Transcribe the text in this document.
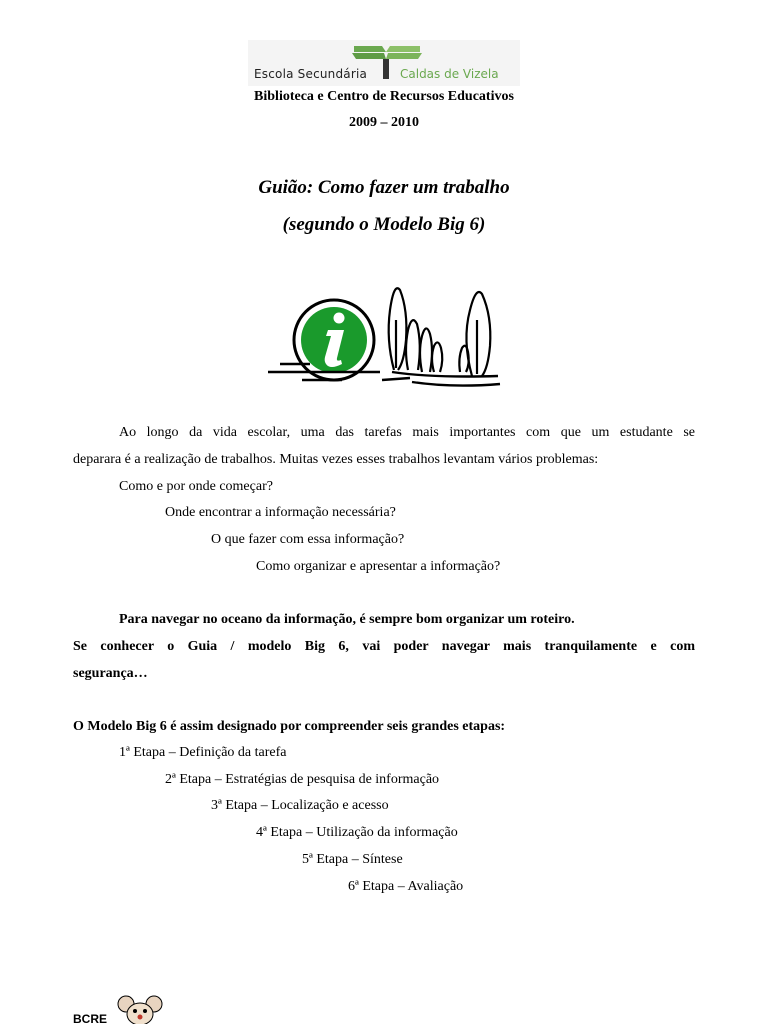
Escola Secundária	Caldas de Vizela
Biblioteca e Centro de Recursos Educativos
2009 – 2010
Guião: Como fazer um trabalho
(segundo o Modelo Big 6)
Ao longo da vida escolar, uma das tarefas mais importantes com que um estudante se
deparara é a realização de trabalhos. Muitas vezes esses trabalhos levantam vários problemas:
Como e por onde começar?
Onde encontrar a informação necessária?
O que fazer com essa informação?
Como organizar e apresentar a informação?
Para navegar no oceano da informação, é sempre bom organizar um roteiro.
Se conhecer o Guia / modelo Big 6, vai poder navegar mais tranquilamente e com
segurança…
O Modelo Big 6 é assim designado por compreender seis grandes etapas:
1ª Etapa – Definição da tarefa
2ª Etapa – Estratégias de pesquisa de informação
3ª Etapa – Localização e acesso
4ª Etapa – Utilização da informação
5ª Etapa – Síntese
6ª Etapa – Avaliação
BCRE
